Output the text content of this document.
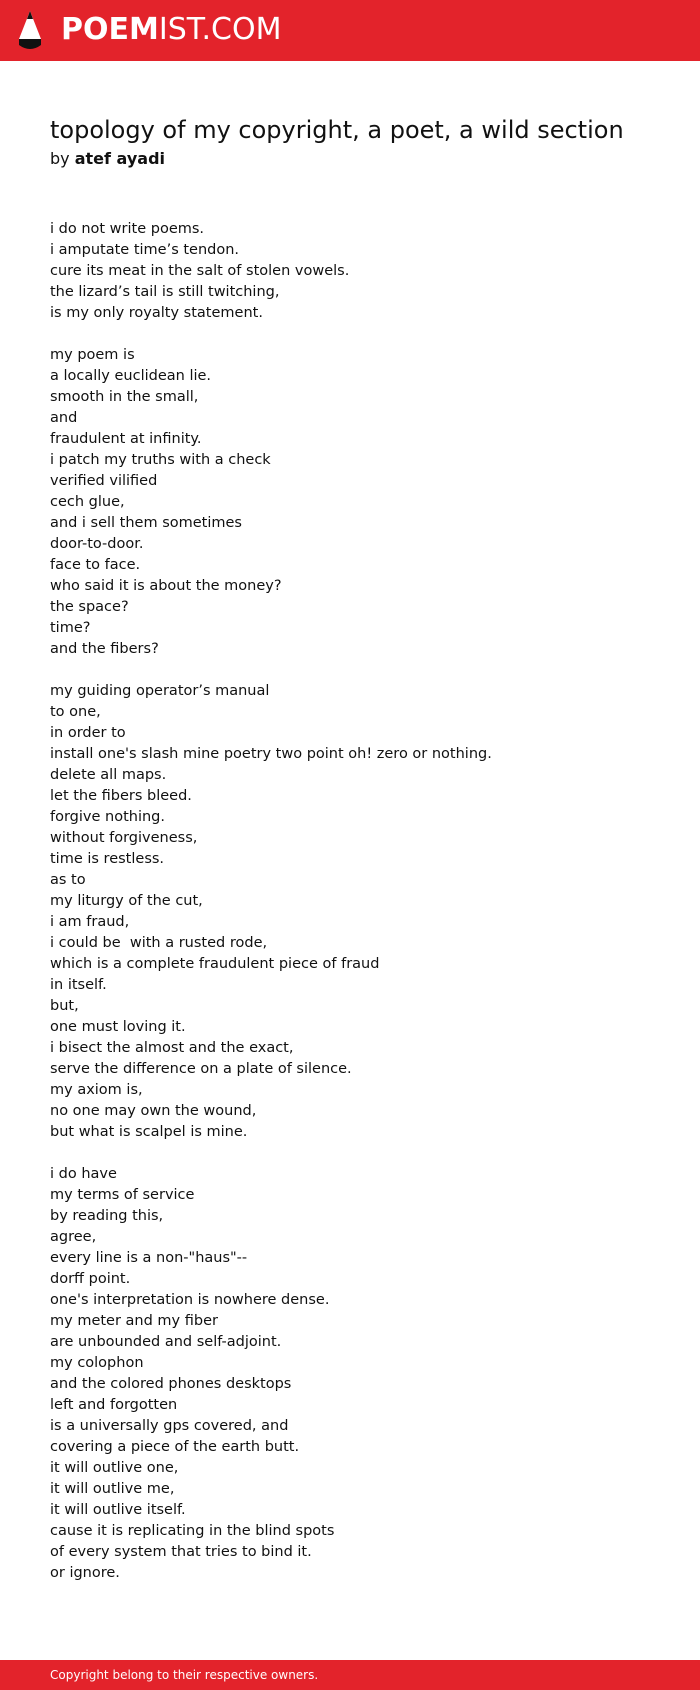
POEMIST.COM
topology of my copyright, a poet, a wild section
by atef ayadi
i do not write poems.
i amputate time’s tendon.
cure its meat in the salt of stolen vowels.
the lizard’s tail is still twitching,
is my only royalty statement.
my poem is
a locally euclidean lie.
smooth in the small,
and
fraudulent at infinity.
i patch my truths with a check
verified vilified
cech glue,
and i sell them sometimes
door-to-door.
face to face.
who said it is about the money?
the space?
time?
and the fibers?
my guiding operator’s manual
to one,
in order to
install one's slash mine poetry two point oh! zero or nothing.
delete all maps.
let the fibers bleed.
forgive nothing.
without forgiveness,
time is restless.
as to
my liturgy of the cut,
i am fraud,
i could be  with a rusted rode,
which is a complete fraudulent piece of fraud
in itself.
but,
one must loving it.
i bisect the almost and the exact,
serve the difference on a plate of silence.
my axiom is,
no one may own the wound,
but what is scalpel is mine.
i do have
my terms of service
by reading this,
agree,
every line is a non-"haus"--
dorff point.
one's interpretation is nowhere dense.
my meter and my fiber
are unbounded and self-adjoint.
my colophon
and the colored phones desktops
left and forgotten
is a universally gps covered, and
covering a piece of the earth butt.
it will outlive one,
it will outlive me,
it will outlive itself.
cause it is replicating in the blind spots
of every system that tries to bind it.
or ignore.
Copyright belong to their respective owners.
